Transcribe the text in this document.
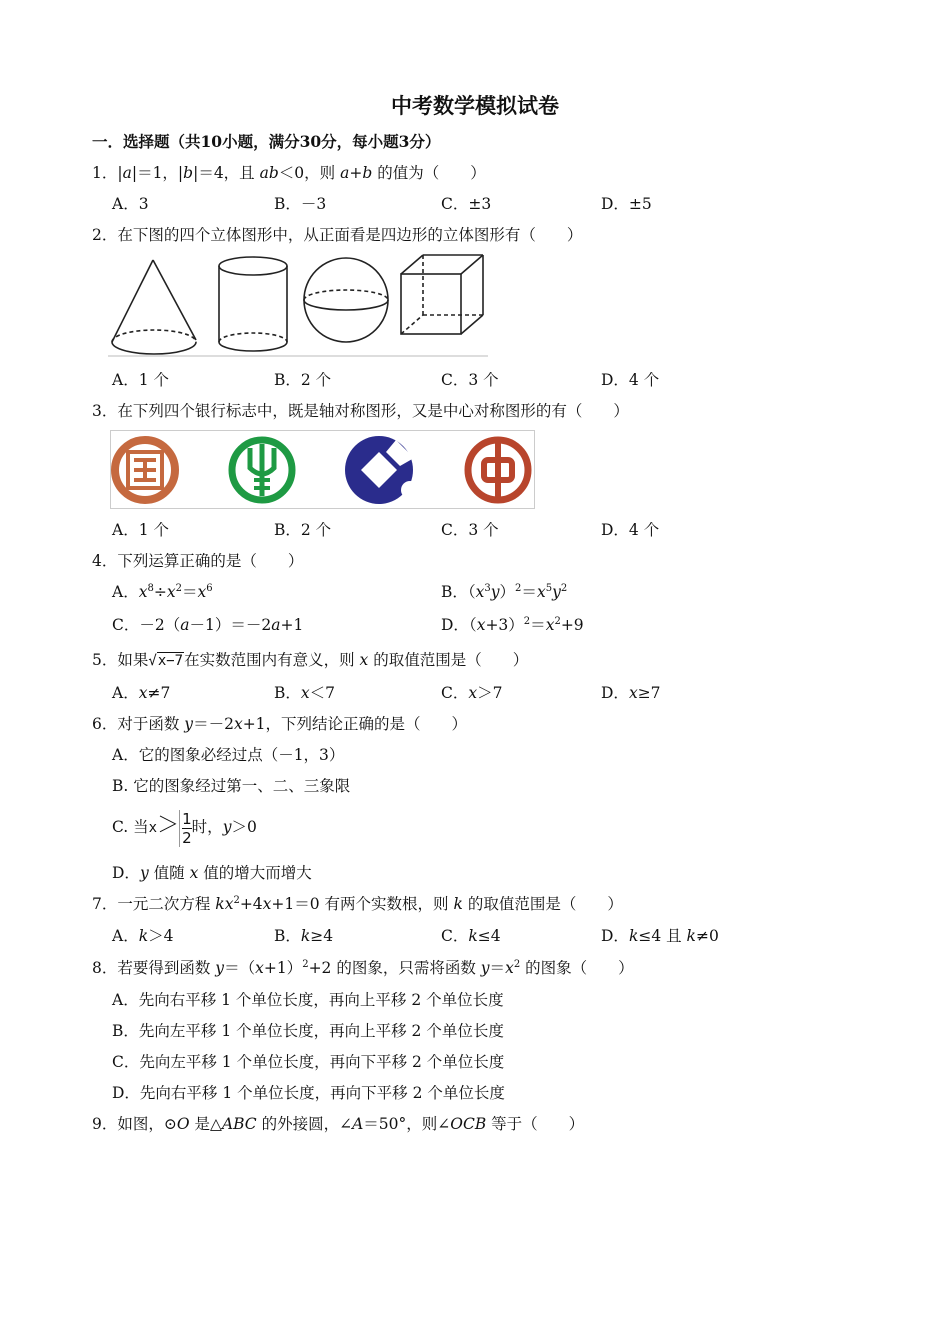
中考数学模拟试卷
一．选择题（共10小题，满分30分，每小题3分）
1．|a|＝1，|b|＝4，且 ab＜0，则 a+b 的值为（　　）
A．3	B．－3	C．±3	D．±5
2．在下图的四个立体图形中，从正面看是四边形的立体图形有（　　）
A．1 个	B．2 个	C．3 个	D．4 个
3．在下列四个银行标志中，既是轴对称图形，又是中心对称图形的有（　　）
A．1 个	B．2 个	C．3 个	D．4 个
4．下列运算正确的是（　　）
A．$x^8\div x^2=x^6$	B．$(x^3y)^2=x^5y^2$
C．－2（a－1）＝－2a+1	D．$(x+3)^2=x^2+9$
5．如果√x−7在实数范围内有意义，则 x 的取值范围是（　　）
A．x≠7	B．x＜7	C．x＞7	D．x≥7
6．对于函数 y＝－2x+1，下列结论正确的是（　　）
A．它的图象必经过点（－1，3）
B. 它的图象经过第一、二、三象限
C. 当$x> \frac{1}{2}$ 时，y＞0
D．y 值随 x 值的增大而增大
7．一元二次方程 $kx^2+4x+1=0$ 有两个实数根，则 k 的取值范围是（　　）
A．k＞4	B．k≥4	C．k≤4	D．k≤4 且 k≠0
8．若要得到函数 $y=(x+1)^2+2$ 的图象，只需将函数 $y=x^2$ 的图象（　　）
A．先向右平移 1 个单位长度，再向上平移 2 个单位长度
B．先向左平移 1 个单位长度，再向上平移 2 个单位长度
C．先向左平移 1 个单位长度，再向下平移 2 个单位长度
D．先向右平移 1 个单位长度，再向下平移 2 个单位长度
9．如图，⊙O 是△ABC 的外接圆，∠A＝50°，则∠OCB 等于（　　）
